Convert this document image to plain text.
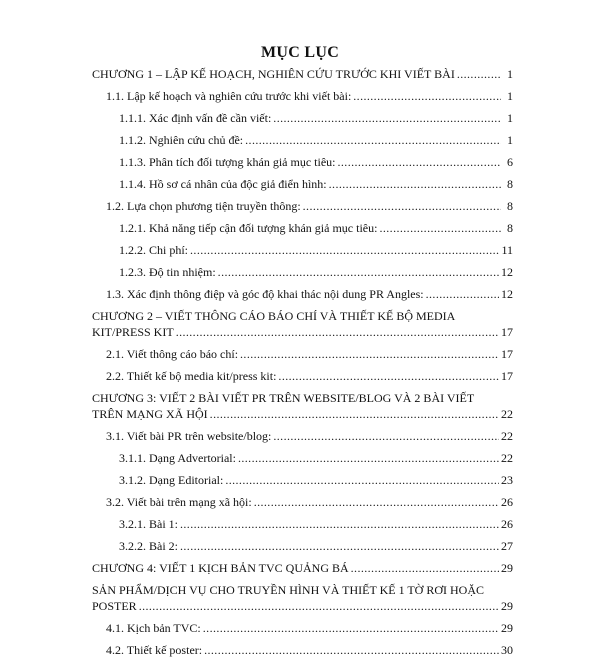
MỤC LỤC
CHƯƠNG 1 – LẬP KẾ HOẠCH, NGHIÊN CỨU TRƯỚC KHI VIẾT BÀI .....	1
1.1. Lập kế hoạch và nghiên cứu trước khi viết bài: .....	1
1.1.1. Xác định vấn đề cần viết: .....	1
1.1.2. Nghiên cứu chủ đề: .....	1
1.1.3. Phân tích đối tượng khán giả mục tiêu: .....	6
1.1.4. Hồ sơ cá nhân của độc giả điển hình: .....	8
1.2. Lựa chọn phương tiện truyền thông: .....	8
1.2.1. Khả năng tiếp cận đối tượng khán giả mục tiêu: .....	8
1.2.2. Chi phí: .....	11
1.2.3. Độ tin nhiệm: .....	12
1.3. Xác định thông điệp và góc độ khai thác nội dung PR Angles: .....	12
CHƯƠNG 2 – VIẾT THÔNG CÁO BÁO CHÍ VÀ THIẾT KẾ BỘ MEDIA
KIT/PRESS KIT .....	17
2.1. Viết thông cáo báo chí: .....	17
2.2. Thiết kế bộ media kit/press kit: .....	17
CHƯƠNG 3: VIẾT 2 BÀI VIẾT PR TRÊN WEBSITE/BLOG VÀ 2 BÀI VIẾT
TRÊN MẠNG XÃ HỘI .....	22
3.1. Viết bài PR trên website/blog: .....	22
3.1.1. Dạng Advertorial: .....	22
3.1.2. Dạng Editorial: .....	23
3.2. Viết bài trên mạng xã hội: .....	26
3.2.1. Bài 1: .....	26
3.2.2. Bài 2: .....	27
CHƯƠNG 4: VIẾT 1 KỊCH BẢN TVC QUẢNG BÁ .....	29
SẢN PHẨM/DỊCH VỤ CHO TRUYỀN HÌNH VÀ THIẾT KẾ 1 TỜ RƠI HOẶC
POSTER .....	29
4.1. Kịch bản TVC: .....	29
4.2. Thiết kế poster: .....	30
